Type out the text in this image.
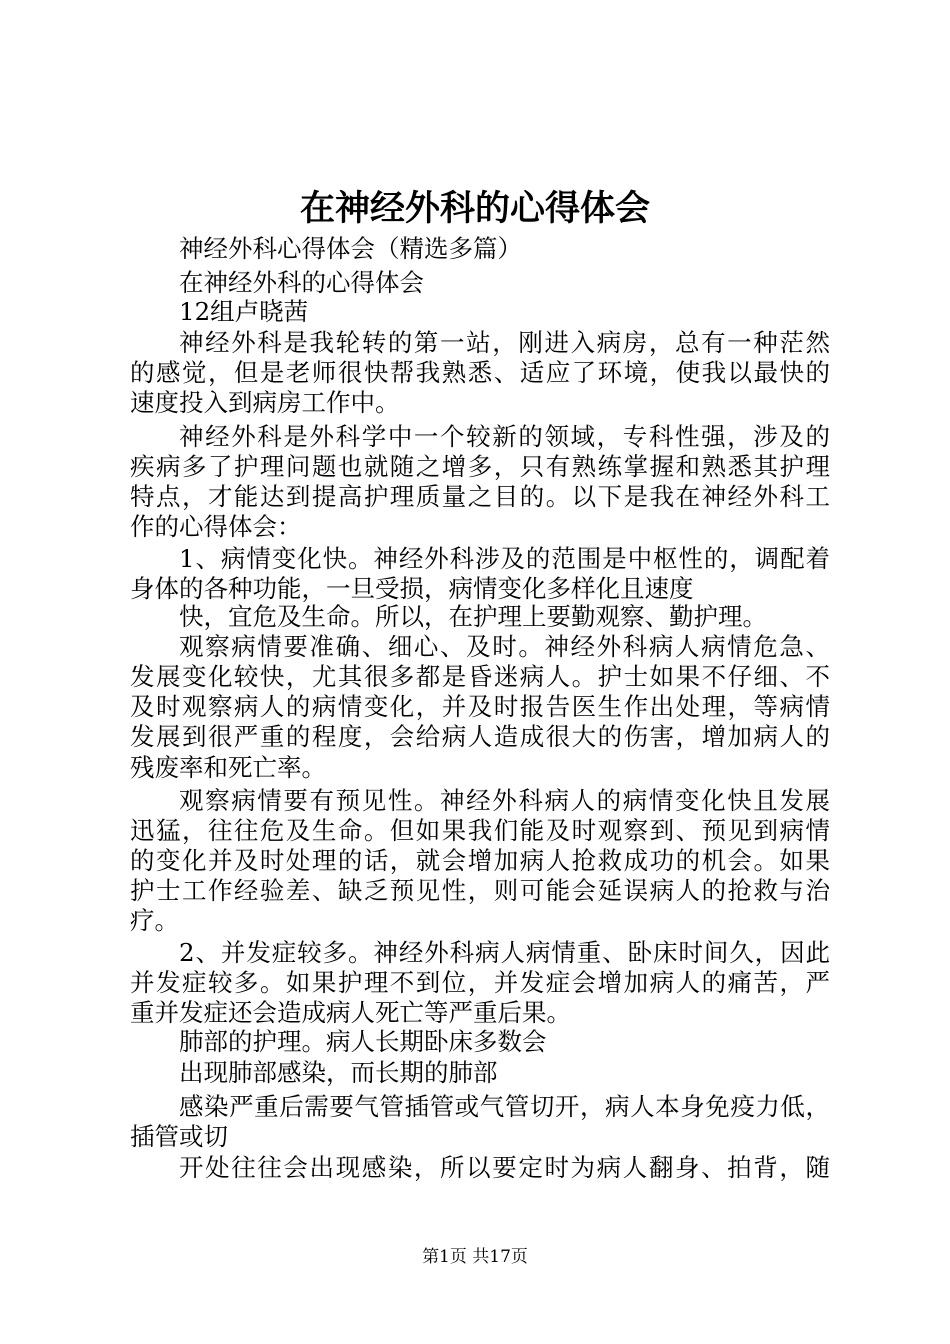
在神经外科的心得体会
神经外科心得体会（精选多篇）
在神经外科的心得体会
12组卢晓茜
神经外科是我轮转的第一站，刚进入病房，总有一种茫然
的感觉，但是老师很快帮我熟悉、适应了环境，使我以最快的
速度投入到病房工作中。
神经外科是外科学中一个较新的领域，专科性强，涉及的
疾病多了护理问题也就随之增多，只有熟练掌握和熟悉其护理
特点，才能达到提高护理质量之目的。以下是我在神经外科工
作的心得体会：
1、病情变化快。神经外科涉及的范围是中枢性的，调配着
身体的各种功能，一旦受损，病情变化多样化且速度
快，宜危及生命。所以，在护理上要勤观察、勤护理。
观察病情要准确、细心、及时。神经外科病人病情危急、
发展变化较快，尤其很多都是昏迷病人。护士如果不仔细、不
及时观察病人的病情变化，并及时报告医生作出处理，等病情
发展到很严重的程度，会给病人造成很大的伤害，增加病人的
残废率和死亡率。
观察病情要有预见性。神经外科病人的病情变化快且发展
迅猛，往往危及生命。但如果我们能及时观察到、预见到病情
的变化并及时处理的话，就会增加病人抢救成功的机会。如果
护士工作经验差、缺乏预见性，则可能会延误病人的抢救与治
疗。
2、并发症较多。神经外科病人病情重、卧床时间久，因此
并发症较多。如果护理不到位，并发症会增加病人的痛苦，严
重并发症还会造成病人死亡等严重后果。
肺部的护理。病人长期卧床多数会
出现肺部感染，而长期的肺部
感染严重后需要气管插管或气管切开，病人本身免疫力低，
插管或切
开处往往会出现感染，所以要定时为病人翻身、拍背，随
第1页 共17页
